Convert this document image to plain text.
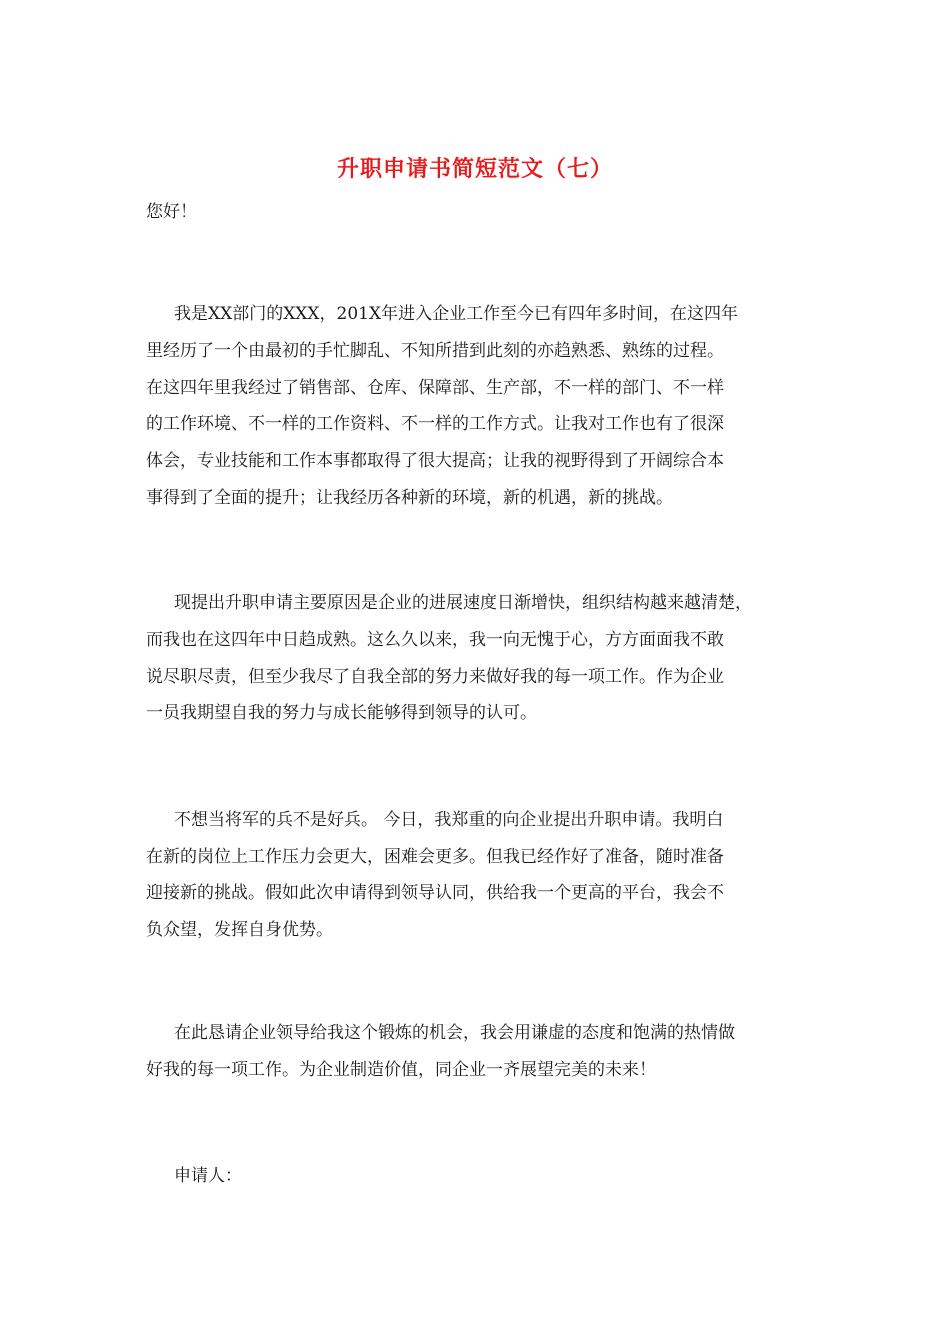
升职申请书简短范文（七）
您好！
我是XX部门的XXX，201X年进入企业工作至今已有四年多时间，在这四年
里经历了一个由最初的手忙脚乱、不知所措到此刻的亦趋熟悉、熟练的过程。
在这四年里我经过了销售部、仓库、保障部、生产部，不一样的部门、不一样
的工作环境、不一样的工作资料、不一样的工作方式。让我对工作也有了很深
体会，专业技能和工作本事都取得了很大提高；让我的视野得到了开阔综合本
事得到了全面的提升；让我经历各种新的环境，新的机遇，新的挑战。
现提出升职申请主要原因是企业的进展速度日渐增快，组织结构越来越清楚，
而我也在这四年中日趋成熟。这么久以来，我一向无愧于心，方方面面我不敢
说尽职尽责，但至少我尽了自我全部的努力来做好我的每一项工作。作为企业
一员我期望自我的努力与成长能够得到领导的认可。
不想当将军的兵不是好兵。 今日，我郑重的向企业提出升职申请。我明白
在新的岗位上工作压力会更大，困难会更多。但我已经作好了准备，随时准备
迎接新的挑战。假如此次申请得到领导认同，供给我一个更高的平台，我会不
负众望，发挥自身优势。
在此恳请企业领导给我这个锻炼的机会，我会用谦虚的态度和饱满的热情做
好我的每一项工作。为企业制造价值，同企业一齐展望完美的未来！
申请人：
